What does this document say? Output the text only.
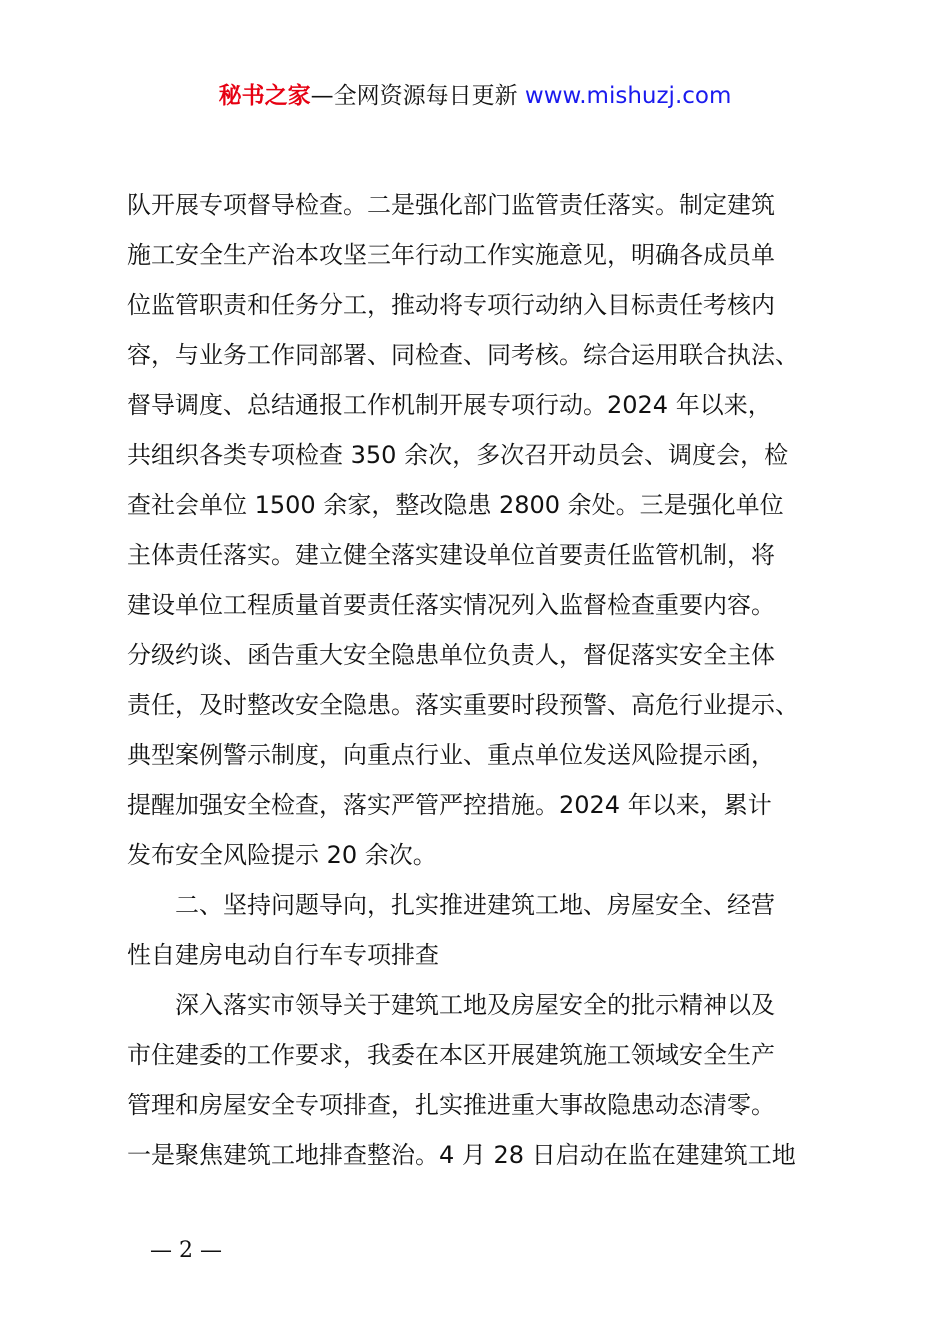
秘书之家—全网资源每日更新 www.mishuzj.com
队开展专项督导检查。二是强化部门监管责任落实。制定建筑
施工安全生产治本攻坚三年行动工作实施意见，明确各成员单
位监管职责和任务分工，推动将专项行动纳入目标责任考核内
容，与业务工作同部署、同检查、同考核。综合运用联合执法、
督导调度、总结通报工作机制开展专项行动。2024 年以来，
共组织各类专项检查 350 余次，多次召开动员会、调度会，检
查社会单位 1500 余家，整改隐患 2800 余处。三是强化单位
主体责任落实。建立健全落实建设单位首要责任监管机制，将
建设单位工程质量首要责任落实情况列入监督检查重要内容。
分级约谈、函告重大安全隐患单位负责人，督促落实安全主体
责任，及时整改安全隐患。落实重要时段预警、高危行业提示、
典型案例警示制度，向重点行业、重点单位发送风险提示函，
提醒加强安全检查，落实严管严控措施。2024 年以来，累计
发布安全风险提示 20 余次。
二、坚持问题导向，扎实推进建筑工地、房屋安全、经营
性自建房电动自行车专项排查
深入落实市领导关于建筑工地及房屋安全的批示精神以及
市住建委的工作要求，我委在本区开展建筑施工领域安全生产
管理和房屋安全专项排查，扎实推进重大事故隐患动态清零。
一是聚焦建筑工地排查整治。4 月 28 日启动在监在建建筑工地
— 2 —
